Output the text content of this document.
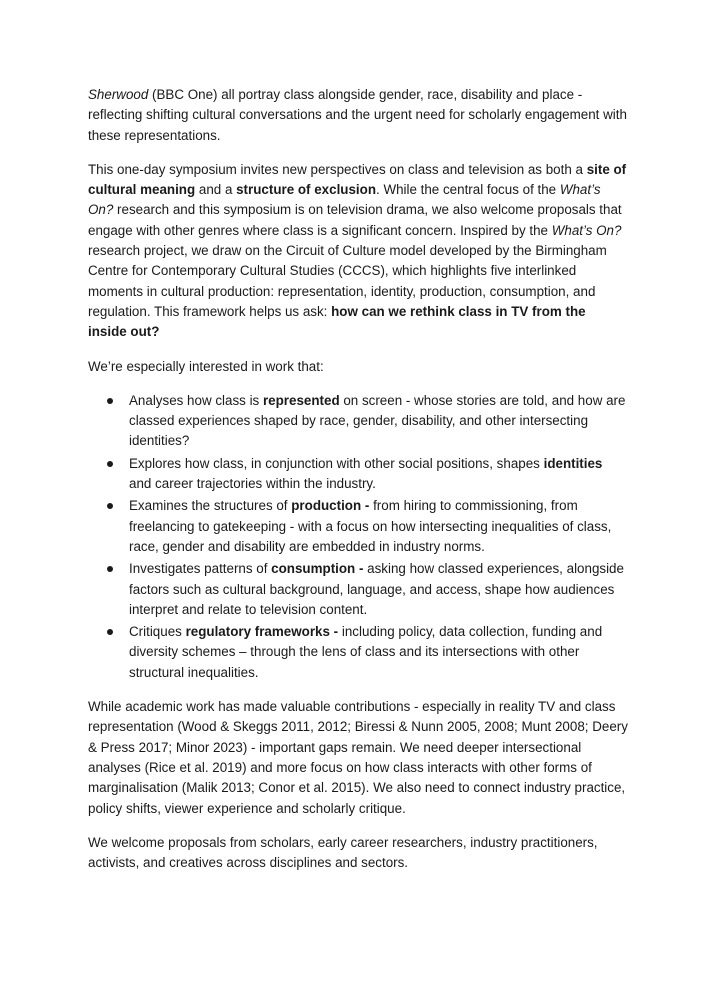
Sherwood (BBC One) all portray class alongside gender, race, disability and place - reflecting shifting cultural conversations and the urgent need for scholarly engagement with these representations.

This one-day symposium invites new perspectives on class and television as both a site of cultural meaning and a structure of exclusion. While the central focus of the What’s On? research and this symposium is on television drama, we also welcome proposals that engage with other genres where class is a significant concern. Inspired by the What’s On? research project, we draw on the Circuit of Culture model developed by the Birmingham Centre for Contemporary Cultural Studies (CCCS), which highlights five interlinked moments in cultural production: representation, identity, production, consumption, and regulation. This framework helps us ask: how can we rethink class in TV from the inside out?

We’re especially interested in work that:

Analyses how class is represented on screen - whose stories are told, and how are classed experiences shaped by race, gender, disability, and other intersecting identities?
Explores how class, in conjunction with other social positions, shapes identities and career trajectories within the industry.
Examines the structures of production - from hiring to commissioning, from freelancing to gatekeeping - with a focus on how intersecting inequalities of class, race, gender and disability are embedded in industry norms.
Investigates patterns of consumption - asking how classed experiences, alongside factors such as cultural background, language, and access, shape how audiences interpret and relate to television content.
Critiques regulatory frameworks - including policy, data collection, funding and diversity schemes – through the lens of class and its intersections with other structural inequalities.

While academic work has made valuable contributions - especially in reality TV and class representation (Wood & Skeggs 2011, 2012; Biressi & Nunn 2005, 2008; Munt 2008; Deery & Press 2017; Minor 2023) - important gaps remain. We need deeper intersectional analyses (Rice et al. 2019) and more focus on how class interacts with other forms of marginalisation (Malik 2013; Conor et al. 2015). We also need to connect industry practice, policy shifts, viewer experience and scholarly critique.

We welcome proposals from scholars, early career researchers, industry practitioners, activists, and creatives across disciplines and sectors.
